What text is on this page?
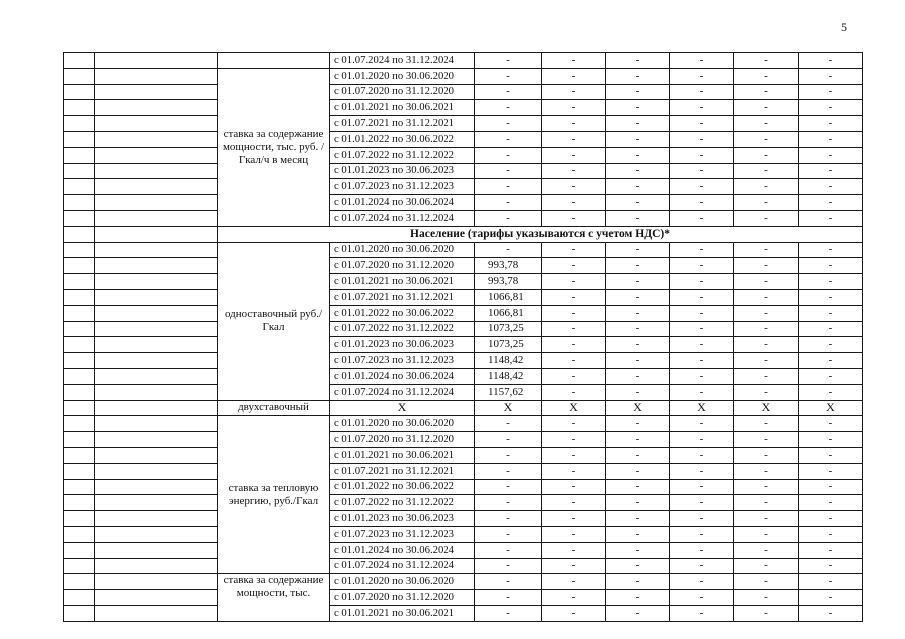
5
			с 01.07.2024 по 31.12.2024	-	-	-	-	-	-
		ставка за содержание мощности, тыс. руб. /Гкал/ч в месяц	с 01.01.2020 по 30.06.2020	-	-	-	-	-	-
			с 01.07.2020 по 31.12.2020	-	-	-	-	-	-
			с 01.01.2021 по 30.06.2021	-	-	-	-	-	-
			с 01.07.2021 по 31.12.2021	-	-	-	-	-	-
			с 01.01.2022 по 30.06.2022	-	-	-	-	-	-
			с 01.07.2022 по 31.12.2022	-	-	-	-	-	-
			с 01.01.2023 по 30.06.2023	-	-	-	-	-	-
			с 01.07.2023 по 31.12.2023	-	-	-	-	-	-
			с 01.01.2024 по 30.06.2024	-	-	-	-	-	-
			с 01.07.2024 по 31.12.2024	-	-	-	-	-	-
		Население (тарифы указываются с учетом НДС)*							
		одноставочный руб./Гкал	с 01.01.2020 по 30.06.2020	-	-	-	-	-	-
			с 01.07.2020 по 31.12.2020	993,78	-	-	-	-	-
			с 01.01.2021 по 30.06.2021	993,78	-	-	-	-	-
			с 01.07.2021 по 31.12.2021	1066,81	-	-	-	-	-
			с 01.01.2022 по 30.06.2022	1066,81	-	-	-	-	-
			с 01.07.2022 по 31.12.2022	1073,25	-	-	-	-	-
			с 01.01.2023 по 30.06.2023	1073,25	-	-	-	-	-
			с 01.07.2023 по 31.12.2023	1148,42	-	-	-	-	-
			с 01.01.2024 по 30.06.2024	1148,42	-	-	-	-	-
			с 01.07.2024 по 31.12.2024	1157,62	-	-	-	-	-
		двухставочный	Х	Х	Х	Х	Х	Х	Х
		ставка за тепловую энергию, руб./Гкал	с 01.01.2020 по 30.06.2020	-	-	-	-	-	-
			с 01.07.2020 по 31.12.2020	-	-	-	-	-	-
			с 01.01.2021 по 30.06.2021	-	-	-	-	-	-
			с 01.07.2021 по 31.12.2021	-	-	-	-	-	-
			с 01.01.2022 по 30.06.2022	-	-	-	-	-	-
			с 01.07.2022 по 31.12.2022	-	-	-	-	-	-
			с 01.01.2023 по 30.06.2023	-	-	-	-	-	-
			с 01.07.2023 по 31.12.2023	-	-	-	-	-	-
			с 01.01.2024 по 30.06.2024	-	-	-	-	-	-
			с 01.07.2024 по 31.12.2024	-	-	-	-	-	-
		ставка за содержание мощности, тыс.	с 01.01.2020 по 30.06.2020	-	-	-	-	-	-
			с 01.07.2020 по 31.12.2020	-	-	-	-	-	-
			с 01.01.2021 по 30.06.2021	-	-	-	-	-	-
